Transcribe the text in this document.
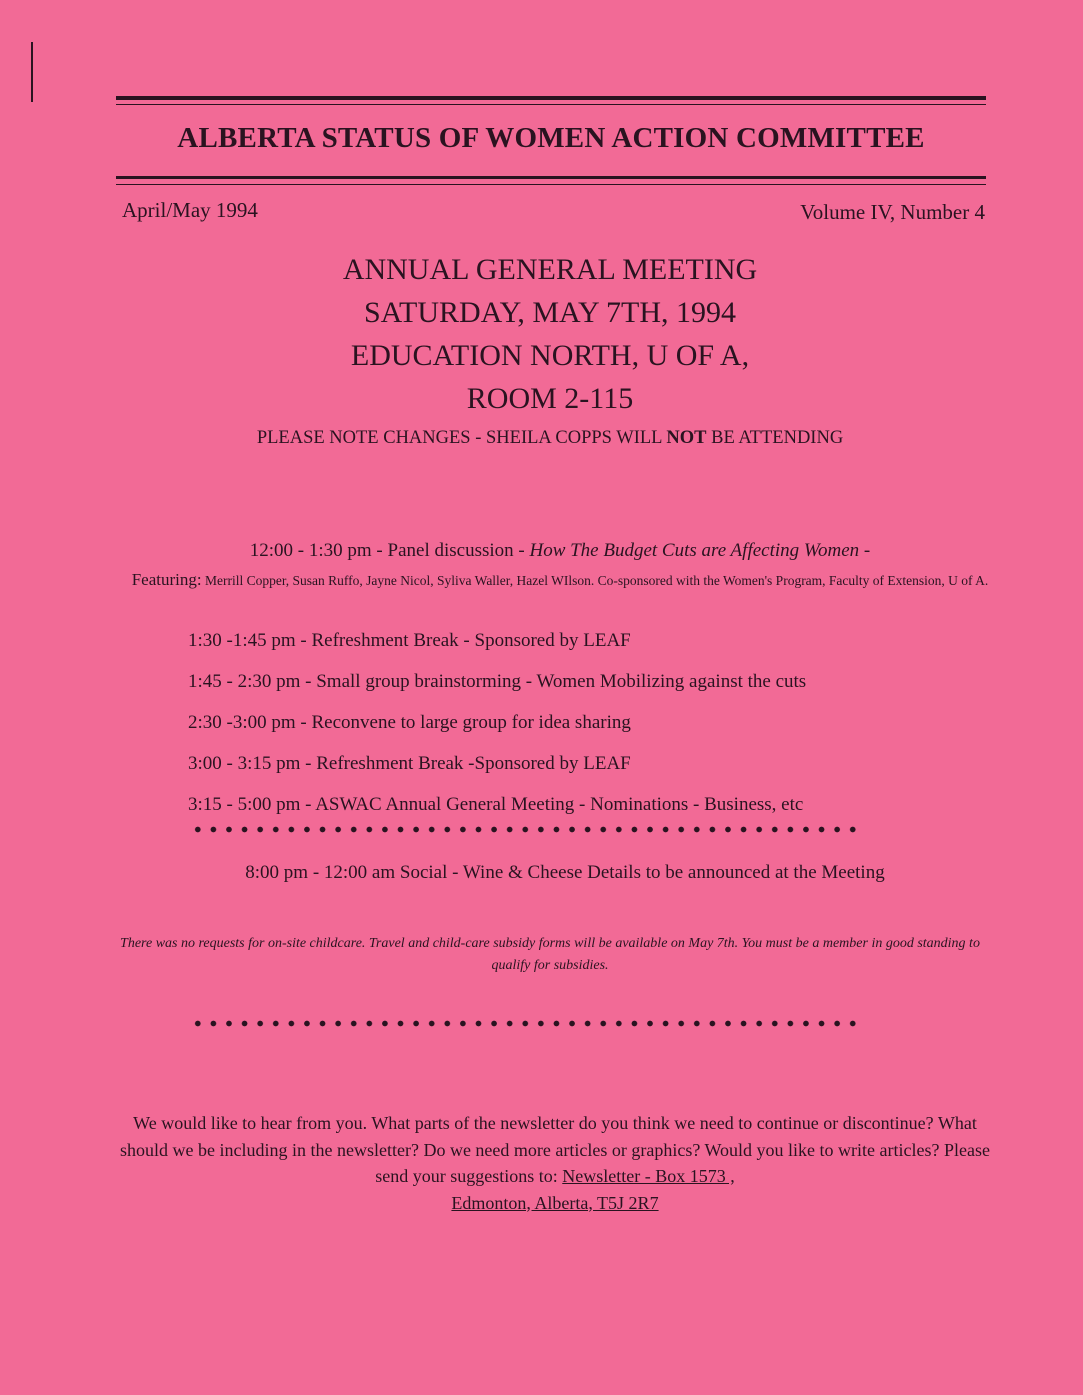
ALBERTA STATUS OF WOMEN ACTION COMMITTEE
April/May 1994	Volume IV, Number 4
ANNUAL GENERAL MEETING
SATURDAY, MAY 7TH, 1994
EDUCATION NORTH, U OF A,
ROOM 2-115
PLEASE NOTE CHANGES - SHEILA COPPS WILL NOT BE ATTENDING
12:00 - 1:30 pm - Panel discussion - How The Budget Cuts are Affecting Women -
Featuring: Merrill Copper, Susan Ruffo, Jayne Nicol, Syliva Waller, Hazel WIlson. Co-sponsored with the Women's Program, Faculty of Extension, U of A.
1:30 -1:45 pm - Refreshment Break - Sponsored by LEAF
1:45 - 2:30 pm - Small group brainstorming - Women Mobilizing against the cuts
2:30 -3:00 pm - Reconvene to large group for idea sharing
3:00 - 3:15 pm - Refreshment Break -Sponsored by LEAF
3:15 - 5:00 pm - ASWAC Annual General Meeting - Nominations - Business, etc
8:00 pm - 12:00 am Social - Wine & Cheese Details to be announced at the Meeting
There was no requests for on-site childcare. Travel and child-care subsidy forms will be available on May 7th. You must be a member in good standing to qualify for subsidies.
We would like to hear from you. What parts of the newsletter do you think we need to continue or discontinue? What should we be including in the newsletter? Do we need more articles or graphics? Would you like to write articles? Please send your suggestions to: Newsletter - Box 1573 ,
Edmonton, Alberta, T5J 2R7
